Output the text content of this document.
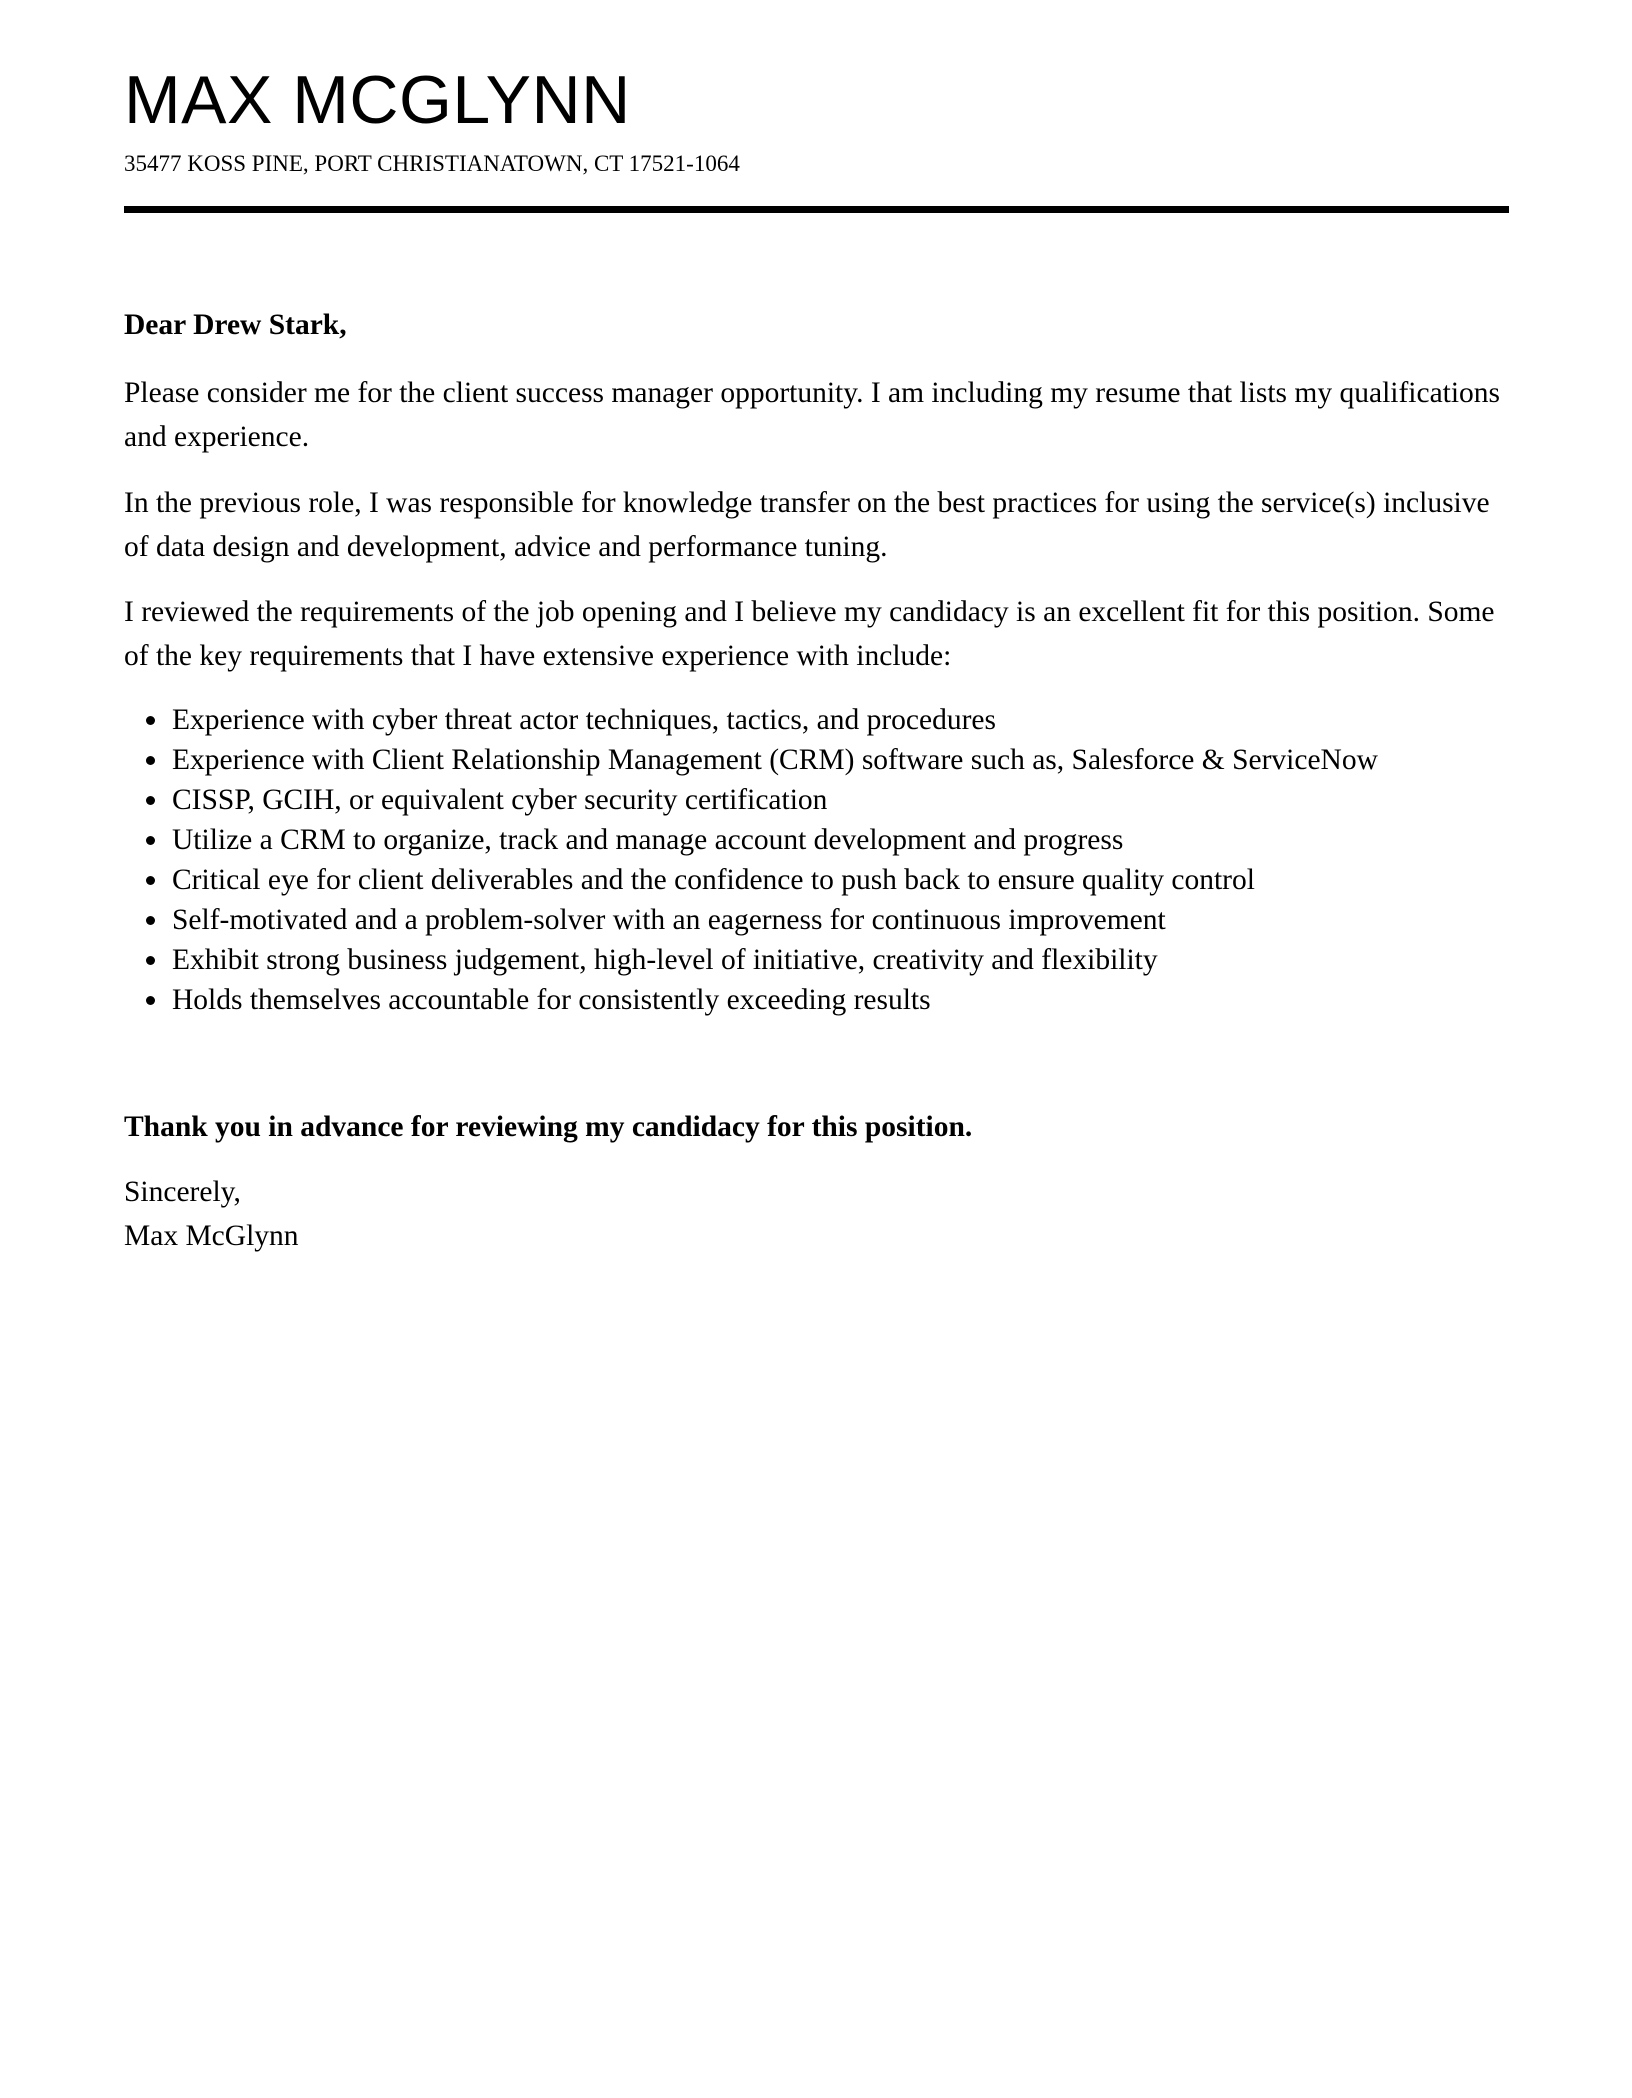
MAX MCGLYNN
35477 KOSS PINE, PORT CHRISTIANATOWN, CT 17521-1064
Dear Drew Stark,
Please consider me for the client success manager opportunity. I am including my resume that lists my qualifications and experience.
In the previous role, I was responsible for knowledge transfer on the best practices for using the service(s) inclusive of data design and development, advice and performance tuning.
I reviewed the requirements of the job opening and I believe my candidacy is an excellent fit for this position. Some of the key requirements that I have extensive experience with include:
Experience with cyber threat actor techniques, tactics, and procedures
Experience with Client Relationship Management (CRM) software such as, Salesforce & ServiceNow
CISSP, GCIH, or equivalent cyber security certification
Utilize a CRM to organize, track and manage account development and progress
Critical eye for client deliverables and the confidence to push back to ensure quality control
Self-motivated and a problem-solver with an eagerness for continuous improvement
Exhibit strong business judgement, high-level of initiative, creativity and flexibility
Holds themselves accountable for consistently exceeding results
Thank you in advance for reviewing my candidacy for this position.
Sincerely,
Max McGlynn
